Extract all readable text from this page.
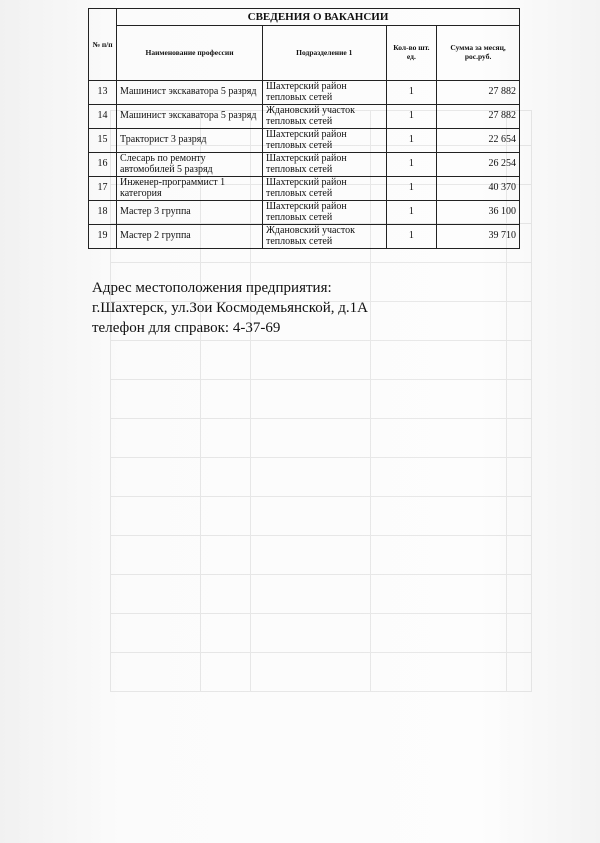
№ п/п	СВЕДЕНИЯ О ВАКАНСИИ			
	Наименование профессии	Подразделение 1	Кол-во шт. ед.	Сумма за месяц, рос.руб.
13	Машинист экскаватора 5 разряд	Шахтерский район тепловых сетей	1	27 882
14	Машинист экскаватора 5 разряд	Ждановский участок тепловых сетей	1	27 882
15	Тракторист 3 разряд	Шахтерский район тепловых сетей	1	22 654
16	Слесарь по ремонту автомобилей 5 разряд	Шахтерский район тепловых сетей	1	26 254
17	Инженер-программист 1 категория	Шахтерский район тепловых сетей	1	40 370
18	Мастер 3 группа	Шахтерский район тепловых сетей	1	36 100
19	Мастер 2 группа	Ждановский участок тепловых сетей	1	39 710
Адрес местоположения предприятия:
г.Шахтерск, ул.Зои Космодемьянской, д.1А
телефон для справок: 4-37-69
